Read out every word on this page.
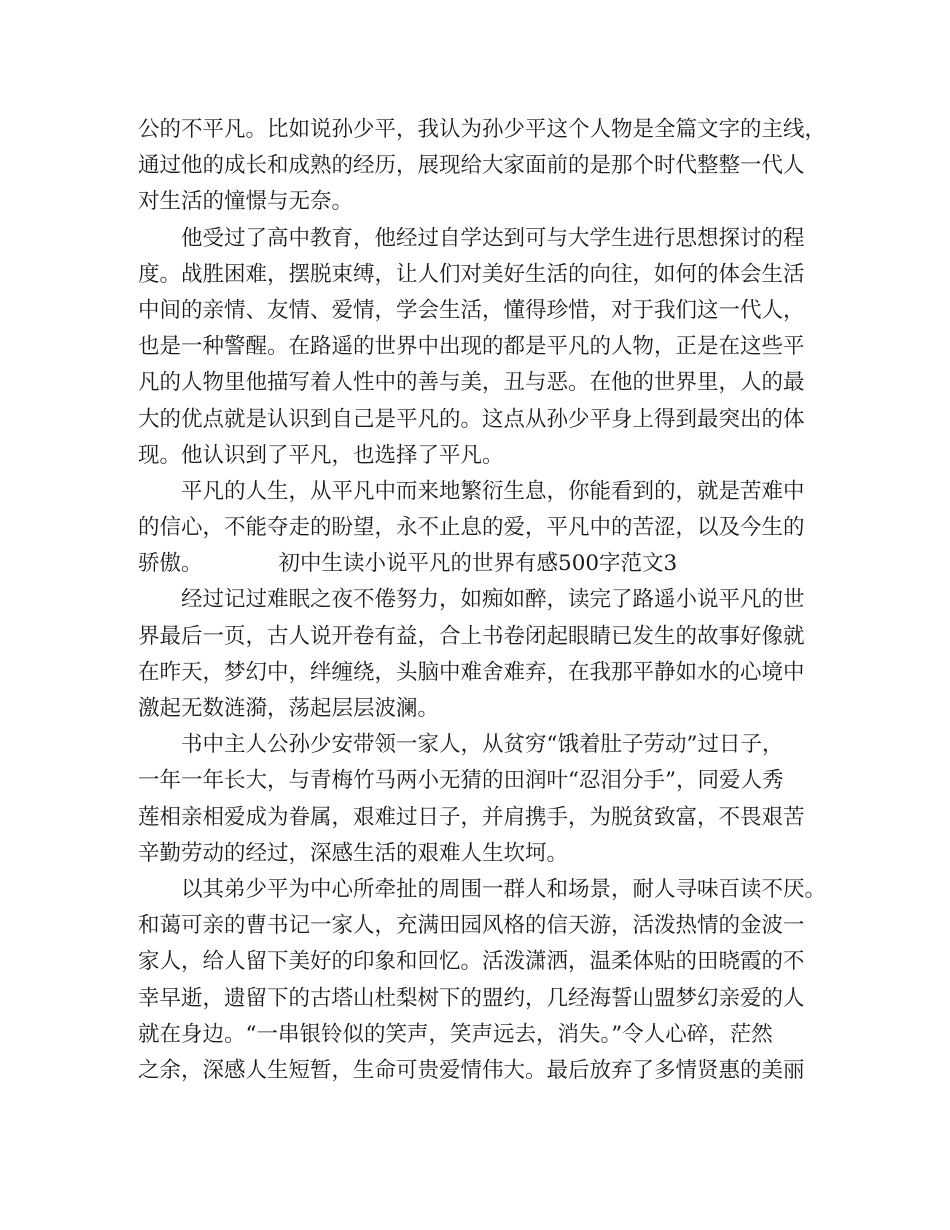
公的不平凡。比如说孙少平，我认为孙少平这个人物是全篇文字的主线，
通过他的成长和成熟的经历，展现给大家面前的是那个时代整整一代人
对生活的憧憬与无奈。
他受过了高中教育，他经过自学达到可与大学生进行思想探讨的程
度。战胜困难，摆脱束缚，让人们对美好生活的向往，如何的体会生活
中间的亲情、友情、爱情，学会生活，懂得珍惜，对于我们这一代人，
也是一种警醒。在路遥的世界中出现的都是平凡的人物，正是在这些平
凡的人物里他描写着人性中的善与美，丑与恶。在他的世界里，人的最
大的优点就是认识到自己是平凡的。这点从孙少平身上得到最突出的体
现。他认识到了平凡，也选择了平凡。
平凡的人生，从平凡中而来地繁衍生息，你能看到的，就是苦难中
的信心，不能夺走的盼望，永不止息的爱，平凡中的苦涩，以及今生的
骄傲。	初中生读小说平凡的世界有感500字范文3
经过记过难眠之夜不倦努力，如痴如醉，读完了路遥小说平凡的世
界最后一页，古人说开卷有益，合上书卷闭起眼睛已发生的故事好像就
在昨天，梦幻中，绊缠绕，头脑中难舍难弃，在我那平静如水的心境中
激起无数涟漪，荡起层层波澜。
书中主人公孙少安带领一家人，从贫穷“饿着肚子劳动”过日子，
一年一年长大，与青梅竹马两小无猜的田润叶“忍泪分手”，同爱人秀
莲相亲相爱成为眷属，艰难过日子，并肩携手，为脱贫致富，不畏艰苦
辛勤劳动的经过，深感生活的艰难人生坎坷。
以其弟少平为中心所牵扯的周围一群人和场景，耐人寻味百读不厌。
和蔼可亲的曹书记一家人，充满田园风格的信天游，活泼热情的金波一
家人，给人留下美好的印象和回忆。活泼潇洒，温柔体贴的田晓霞的不
幸早逝，遗留下的古塔山杜梨树下的盟约，几经海誓山盟梦幻亲爱的人
就在身边。“一串银铃似的笑声，笑声远去，消失。”令人心碎，茫然
之余，深感人生短暂，生命可贵爱情伟大。最后放弃了多情贤惠的美丽
